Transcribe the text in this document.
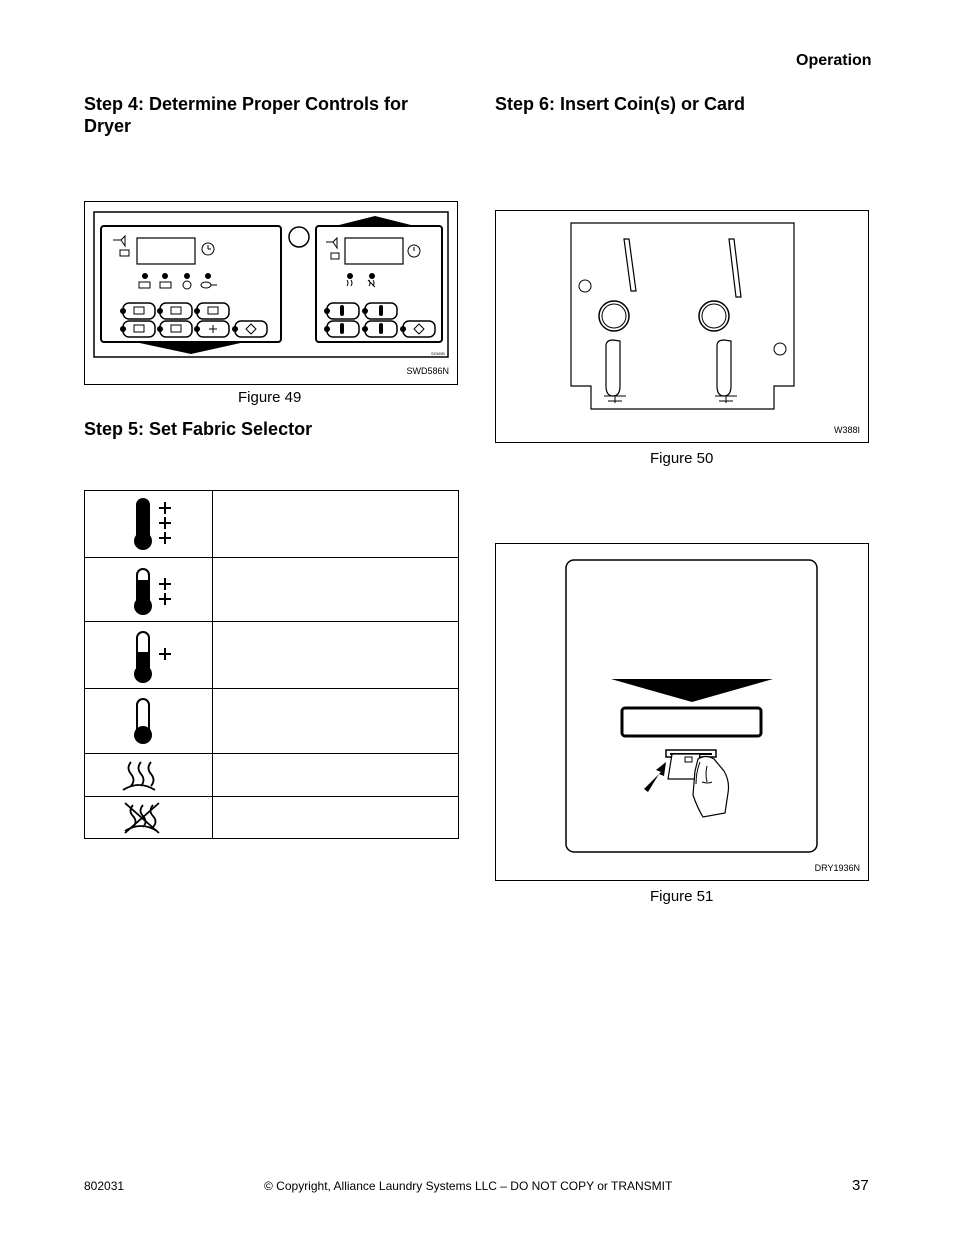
Operation
Step 4: Determine Proper Controls for Dryer
SCM/IB
SWD586N
Figure 49
Step 5: Set Fabric Selector

Step 6: Insert Coin(s) or Card
W388I
Figure 50
DRY1936N
Figure 51
802031	© Copyright, Alliance Laundry Systems LLC – DO NOT COPY or TRANSMIT	37
